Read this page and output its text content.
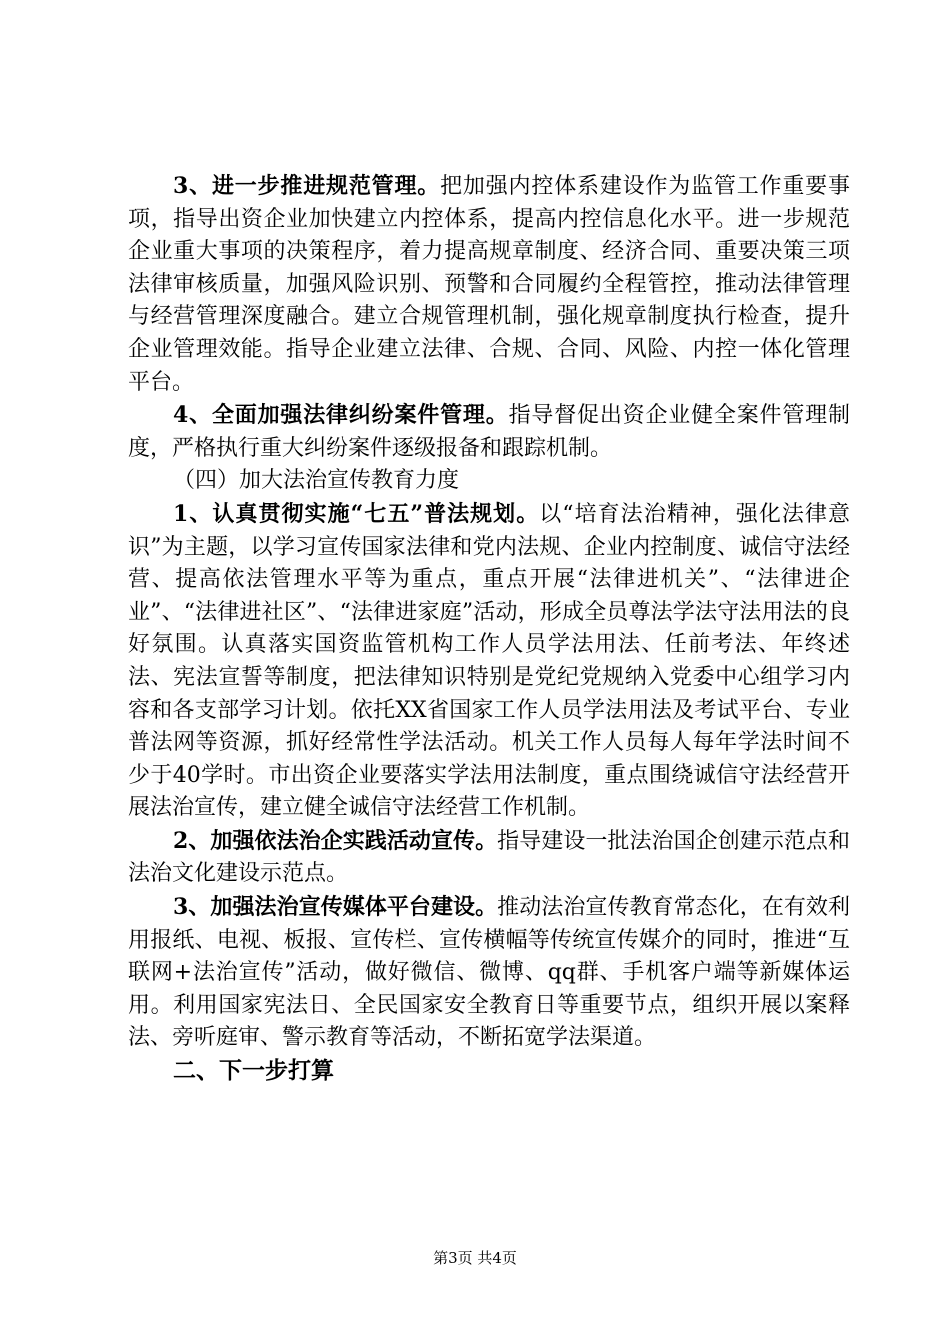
3、进一步推进规范管理。把加强内控体系建设作为监管工作重要事项，指导出资企业加快建立内控体系，提高内控信息化水平。进一步规范企业重大事项的决策程序，着力提高规章制度、经济合同、重要决策三项法律审核质量，加强风险识别、预警和合同履约全程管控，推动法律管理与经营管理深度融合。建立合规管理机制，强化规章制度执行检查，提升企业管理效能。指导企业建立法律、合规、合同、风险、内控一体化管理平台。

4、全面加强法律纠纷案件管理。指导督促出资企业健全案件管理制度，严格执行重大纠纷案件逐级报备和跟踪机制。

（四）加大法治宣传教育力度

1、认真贯彻实施“七五”普法规划。以“培育法治精神，强化法律意识”为主题，以学习宣传国家法律和党内法规、企业内控制度、诚信守法经营、提高依法管理水平等为重点，重点开展“法律进机关”、“法律进企业”、“法律进社区”、“法律进家庭”活动，形成全员尊法学法守法用法的良好氛围。认真落实国资监管机构工作人员学法用法、任前考法、年终述法、宪法宣誓等制度，把法律知识特别是党纪党规纳入党委中心组学习内容和各支部学习计划。依托XX省国家工作人员学法用法及考试平台、专业普法网等资源，抓好经常性学法活动。机关工作人员每人每年学法时间不少于40学时。市出资企业要落实学法用法制度，重点围绕诚信守法经营开展法治宣传，建立健全诚信守法经营工作机制。

2、加强依法治企实践活动宣传。指导建设一批法治国企创建示范点和法治文化建设示范点。

3、加强法治宣传媒体平台建设。推动法治宣传教育常态化，在有效利用报纸、电视、板报、宣传栏、宣传横幅等传统宣传媒介的同时，推进“互联网+法治宣传”活动，做好微信、微博、qq群、手机客户端等新媒体运用。利用国家宪法日、全民国家安全教育日等重要节点，组织开展以案释法、旁听庭审、警示教育等活动，不断拓宽学法渠道。

二、下一步打算

第3页 共4页
